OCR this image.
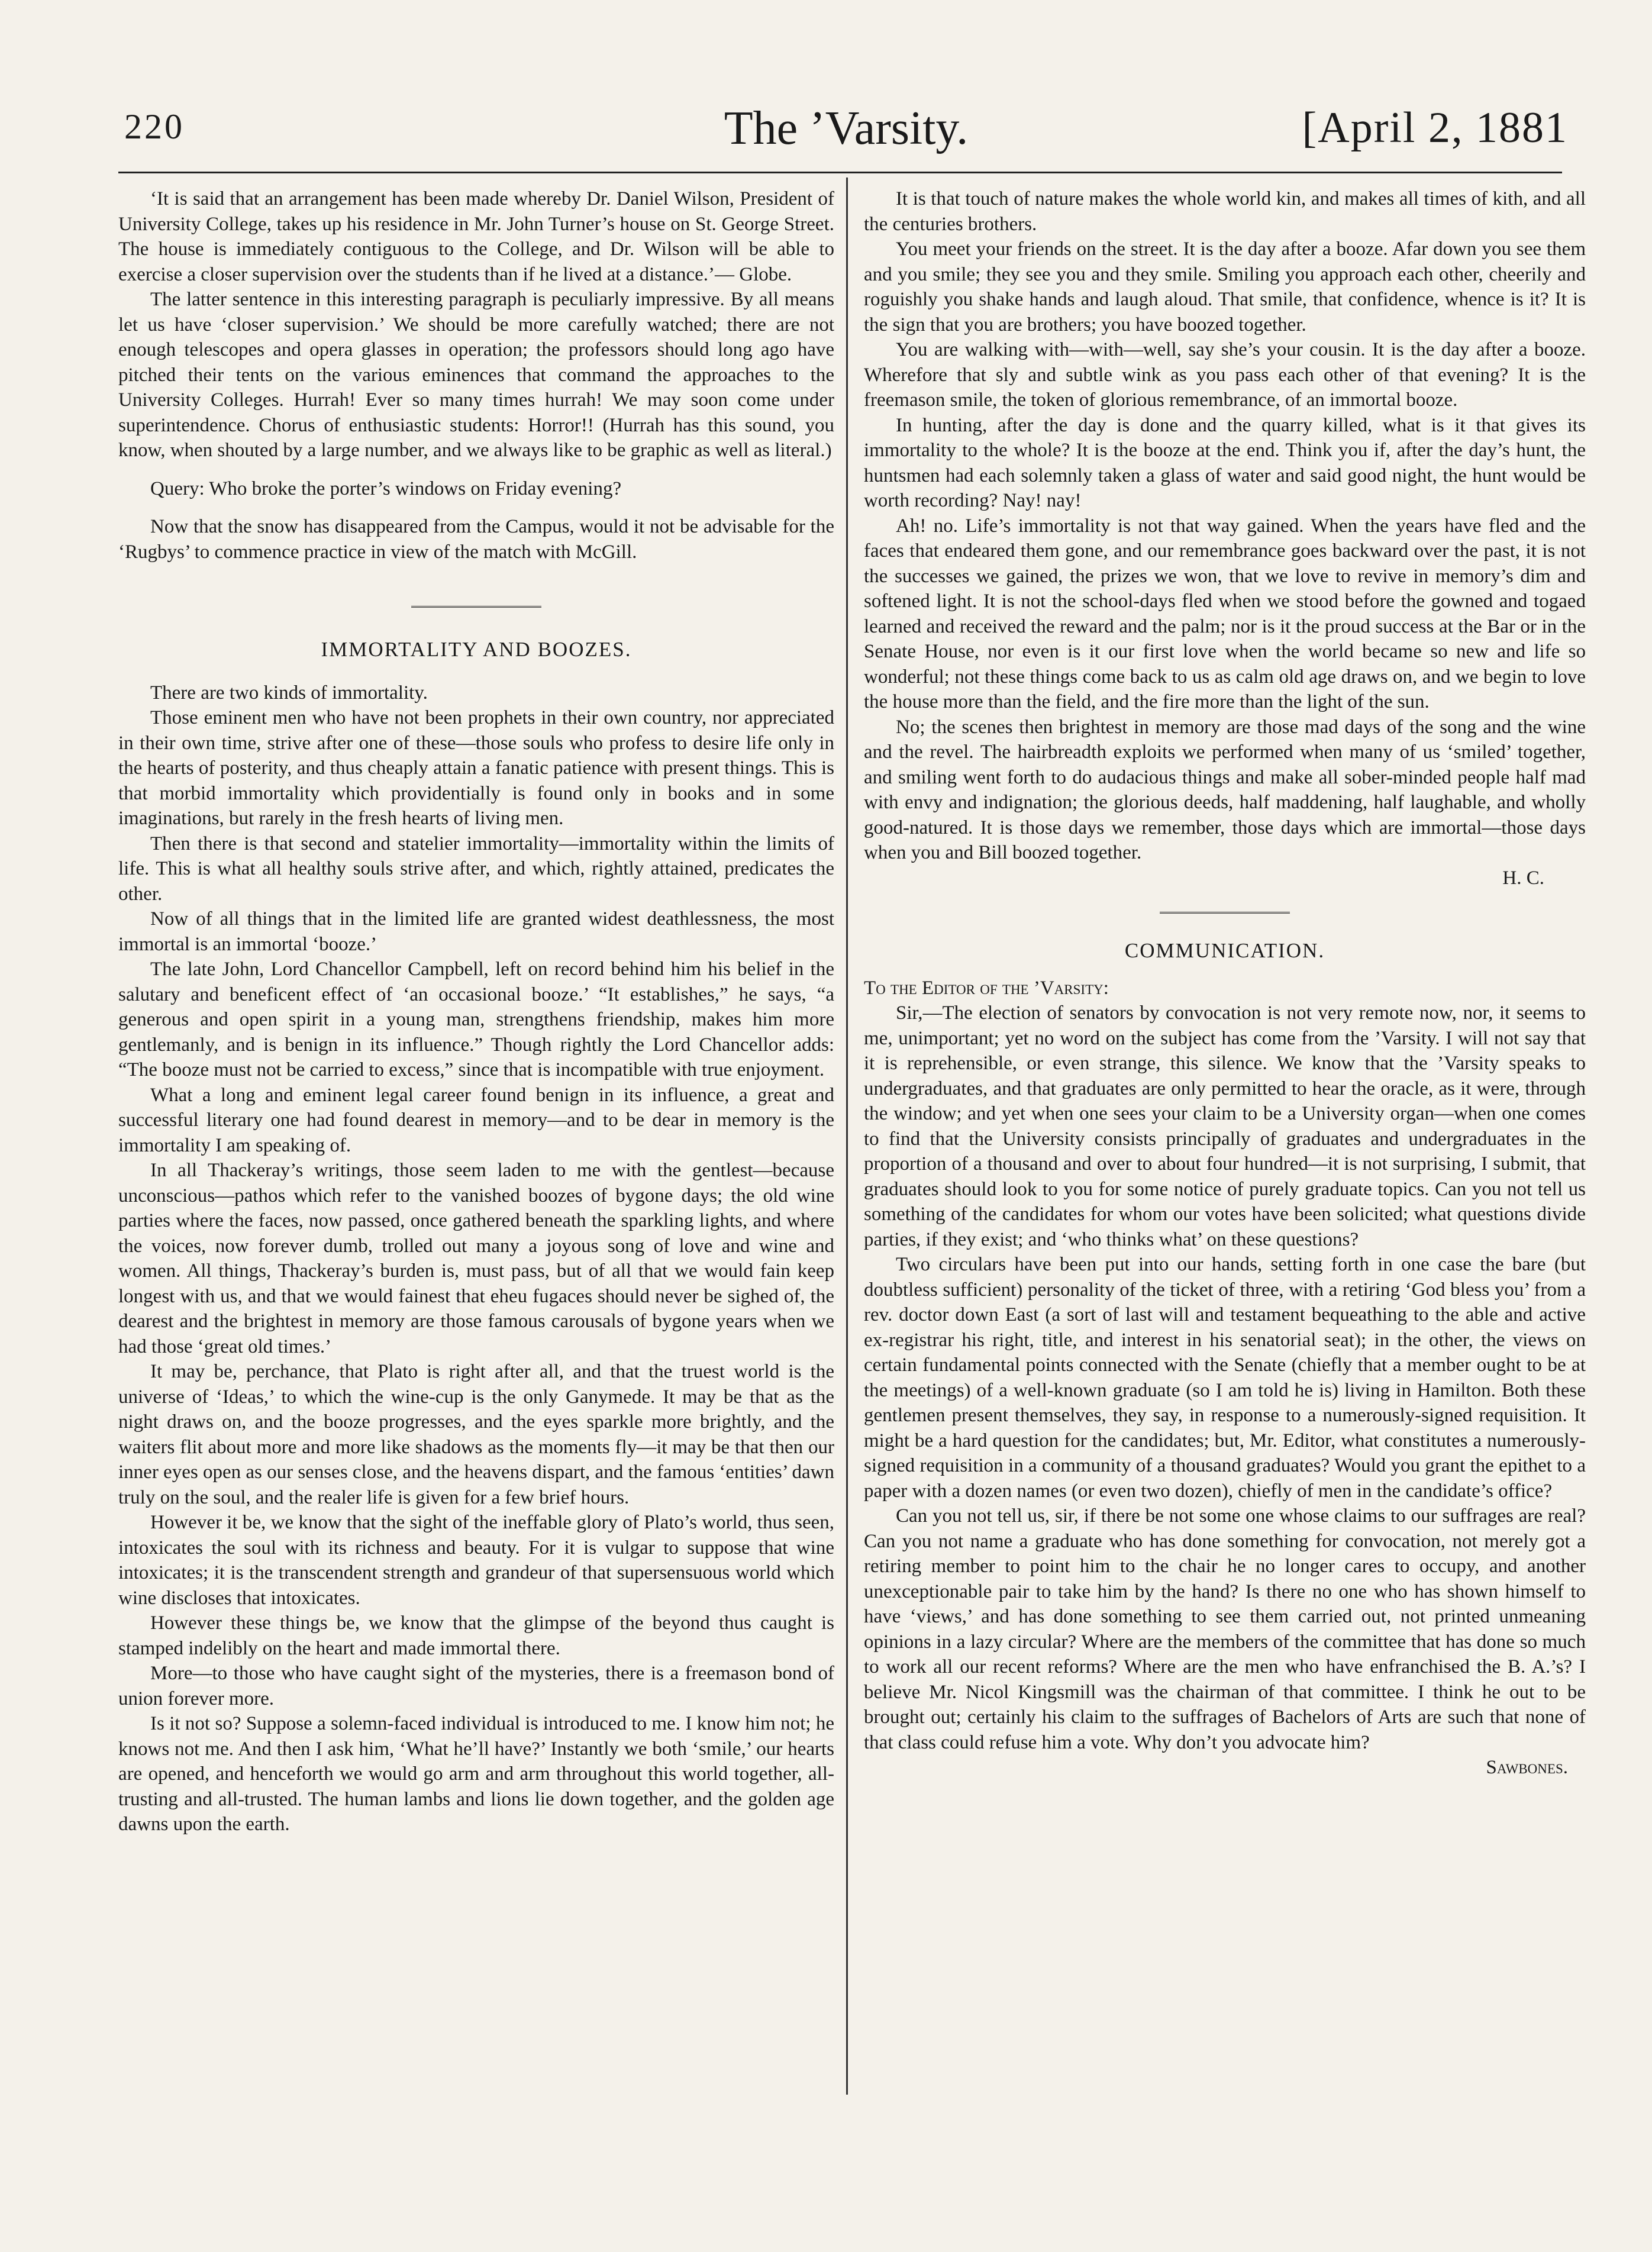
220	The ’Varsity.	[April 2, 1881

‘It is said that an arrangement has been made whereby Dr. Daniel Wilson, President of University College, takes up his residence in Mr. John Turner’s house on St. George Street. The house is immediately contiguous to the College, and Dr. Wilson will be able to exercise a closer supervision over the students than if he lived at a distance.’— Globe.

The latter sentence in this interesting paragraph is peculiarly impressive. By all means let us have ‘closer supervision.’ We should be more carefully watched; there are not enough telescopes and opera glasses in operation; the professors should long ago have pitched their tents on the various eminences that command the approaches to the University Colleges. Hurrah! Ever so many times hurrah! We may soon come under superintendence. Chorus of enthusiastic students: Horror!! (Hurrah has this sound, you know, when shouted by a large number, and we always like to be graphic as well as literal.)

Query: Who broke the porter’s windows on Friday evening?

Now that the snow has disappeared from the Campus, would it not be advisable for the ‘Rugbys’ to commence practice in view of the match with McGill.

IMMORTALITY AND BOOZES.

There are two kinds of immortality.

Those eminent men who have not been prophets in their own country, nor appreciated in their own time, strive after one of these—those souls who profess to desire life only in the hearts of posterity, and thus cheaply attain a fanatic patience with present things. This is that morbid immortality which providentially is found only in books and in some imaginations, but rarely in the fresh hearts of living men.

Then there is that second and statelier immortality—immortality within the limits of life. This is what all healthy souls strive after, and which, rightly attained, predicates the other.

Now of all things that in the limited life are granted widest deathlessness, the most immortal is an immortal ‘booze.’

The late John, Lord Chancellor Campbell, left on record behind him his belief in the salutary and beneficent effect of ‘an occasional booze.’ “It establishes,” he says, “a generous and open spirit in a young man, strengthens friendship, makes him more gentlemanly, and is benign in its influence.” Though rightly the Lord Chancellor adds: “The booze must not be carried to excess,” since that is incompatible with true enjoyment.

What a long and eminent legal career found benign in its influence, a great and successful literary one had found dearest in memory—and to be dear in memory is the immortality I am speaking of.

In all Thackeray’s writings, those seem laden to me with the gentlest—because unconscious—pathos which refer to the vanished boozes of bygone days; the old wine parties where the faces, now passed, once gathered beneath the sparkling lights, and where the voices, now forever dumb, trolled out many a joyous song of love and wine and women. All things, Thackeray’s burden is, must pass, but of all that we would fain keep longest with us, and that we would fainest that eheu fugaces should never be sighed of, the dearest and the brightest in memory are those famous carousals of bygone years when we had those ‘great old times.’

It may be, perchance, that Plato is right after all, and that the truest world is the universe of ‘Ideas,’ to which the wine-cup is the only Ganymede. It may be that as the night draws on, and the booze progresses, and the eyes sparkle more brightly, and the waiters flit about more and more like shadows as the moments fly—it may be that then our inner eyes open as our senses close, and the heavens dispart, and the famous ‘entities’ dawn truly on the soul, and the realer life is given for a few brief hours.

However it be, we know that the sight of the ineffable glory of Plato’s world, thus seen, intoxicates the soul with its richness and beauty. For it is vulgar to suppose that wine intoxicates; it is the transcendent strength and grandeur of that supersensuous world which wine discloses that intoxicates.

However these things be, we know that the glimpse of the beyond thus caught is stamped indelibly on the heart and made immortal there.

More—to those who have caught sight of the mysteries, there is a freemason bond of union forever more.

Is it not so? Suppose a solemn-faced individual is introduced to me. I know him not; he knows not me. And then I ask him, ‘What he’ll have?’ Instantly we both ‘smile,’ our hearts are opened, and henceforth we would go arm and arm throughout this world together, all-trusting and all-trusted. The human lambs and lions lie down together, and the golden age dawns upon the earth.

It is that touch of nature makes the whole world kin, and makes all times of kith, and all the centuries brothers.

You meet your friends on the street. It is the day after a booze. Afar down you see them and you smile; they see you and they smile. Smiling you approach each other, cheerily and roguishly you shake hands and laugh aloud. That smile, that confidence, whence is it? It is the sign that you are brothers; you have boozed together.

You are walking with—with—well, say she’s your cousin. It is the day after a booze. Wherefore that sly and subtle wink as you pass each other of that evening? It is the freemason smile, the token of glorious remembrance, of an immortal booze.

In hunting, after the day is done and the quarry killed, what is it that gives its immortality to the whole? It is the booze at the end. Think you if, after the day’s hunt, the huntsmen had each solemnly taken a glass of water and said good night, the hunt would be worth recording? Nay! nay!

Ah! no. Life’s immortality is not that way gained. When the years have fled and the faces that endeared them gone, and our remembrance goes backward over the past, it is not the successes we gained, the prizes we won, that we love to revive in memory’s dim and softened light. It is not the school-days fled when we stood before the gowned and togaed learned and received the reward and the palm; nor is it the proud success at the Bar or in the Senate House, nor even is it our first love when the world became so new and life so wonderful; not these things come back to us as calm old age draws on, and we begin to love the house more than the field, and the fire more than the light of the sun.

No; the scenes then brightest in memory are those mad days of the song and the wine and the revel. The hairbreadth exploits we performed when many of us ‘smiled’ together, and smiling went forth to do audacious things and make all sober-minded people half mad with envy and indignation; the glorious deeds, half maddening, half laughable, and wholly good-natured. It is those days we remember, those days which are immortal—those days when you and Bill boozed together.

H. C.

COMMUNICATION.

To the Editor of the ’Varsity:

Sir,—The election of senators by convocation is not very remote now, nor, it seems to me, unimportant; yet no word on the subject has come from the ’Varsity. I will not say that it is reprehensible, or even strange, this silence. We know that the ’Varsity speaks to undergraduates, and that graduates are only permitted to hear the oracle, as it were, through the window; and yet when one sees your claim to be a University organ—when one comes to find that the University consists principally of graduates and undergraduates in the proportion of a thousand and over to about four hundred—it is not surprising, I submit, that graduates should look to you for some notice of purely graduate topics. Can you not tell us something of the candidates for whom our votes have been solicited; what questions divide parties, if they exist; and ‘who thinks what’ on these questions?

Two circulars have been put into our hands, setting forth in one case the bare (but doubtless sufficient) personality of the ticket of three, with a retiring ‘God bless you’ from a rev. doctor down East (a sort of last will and testament bequeathing to the able and active ex-registrar his right, title, and interest in his senatorial seat); in the other, the views on certain fundamental points connected with the Senate (chiefly that a member ought to be at the meetings) of a well-known graduate (so I am told he is) living in Hamilton. Both these gentlemen present themselves, they say, in response to a numerously-signed requisition. It might be a hard question for the candidates; but, Mr. Editor, what constitutes a numerously-signed requisition in a community of a thousand graduates? Would you grant the epithet to a paper with a dozen names (or even two dozen), chiefly of men in the candidate’s office?

Can you not tell us, sir, if there be not some one whose claims to our suffrages are real? Can you not name a graduate who has done something for convocation, not merely got a retiring member to point him to the chair he no longer cares to occupy, and another unexceptionable pair to take him by the hand? Is there no one who has shown himself to have ‘views,’ and has done something to see them carried out, not printed unmeaning opinions in a lazy circular? Where are the members of the committee that has done so much to work all our recent reforms? Where are the men who have enfranchised the B. A.’s? I believe Mr. Nicol Kingsmill was the chairman of that committee. I think he out to be brought out; certainly his claim to the suffrages of Bachelors of Arts are such that none of that class could refuse him a vote. Why don’t you advocate him?

Sawbones.
